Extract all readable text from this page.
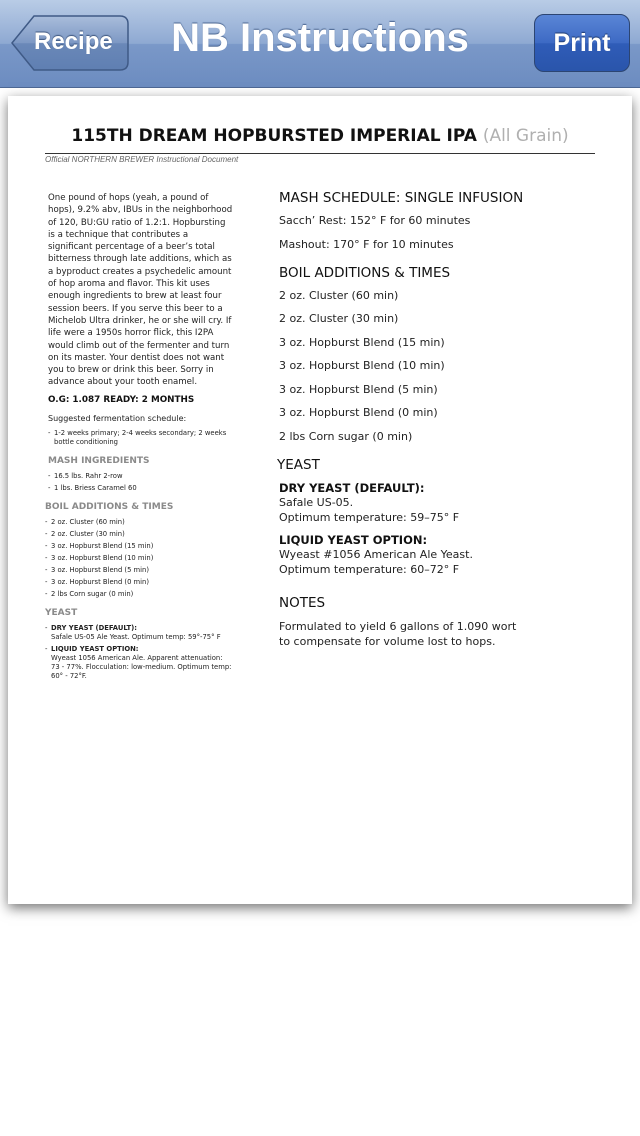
Recipe	NB Instructions	Print
115TH DREAM HOPBURSTED IMPERIAL IPA (All Grain)
Official NORTHERN BREWER Instructional Document

One pound of hops (yeah, a pound of hops), 9.2% abv, IBUs in the neighborhood of 120, BU:GU ratio of 1.2:1. Hopbursting is a technique that contributes a significant percentage of a beer’s total bitterness through late additions, which as a byproduct creates a psychedelic amount of hop aroma and flavor. This kit uses enough ingredients to brew at least four session beers. If you serve this beer to a Michelob Ultra drinker, he or she will cry. If life were a 1950s horror flick, this I2PA would climb out of the fermenter and turn on its master. Your dentist does not want you to brew or drink this beer. Sorry in advance about your tooth enamel.

O.G: 1.087 READY: 2 MONTHS
Suggested fermentation schedule:
- 1-2 weeks primary; 2-4 weeks secondary; 2 weeks bottle conditioning
MASH INGREDIENTS
- 16.5 lbs. Rahr 2-row
- 1 lbs. Briess Caramel 60
BOIL ADDITIONS & TIMES
- 2 oz. Cluster (60 min)
- 2 oz. Cluster (30 min)
- 3 oz. Hopburst Blend (15 min)
- 3 oz. Hopburst Blend (10 min)
- 3 oz. Hopburst Blend (5 min)
- 3 oz. Hopburst Blend (0 min)
- 2 lbs Corn sugar (0 min)
YEAST
- DRY YEAST (DEFAULT):
Safale US-05 Ale Yeast. Optimum temp: 59°-75° F
- LIQUID YEAST OPTION:
Wyeast 1056 American Ale. Apparent attenuation: 73 - 77%. Flocculation: low-medium. Optimum temp: 60° - 72°F.
MASH SCHEDULE: SINGLE INFUSION
Sacch’ Rest: 152° F for 60 minutes
Mashout: 170° F for 10 minutes
BOIL ADDITIONS & TIMES
2 oz. Cluster (60 min)
2 oz. Cluster (30 min)
3 oz. Hopburst Blend (15 min)
3 oz. Hopburst Blend (10 min)
3 oz. Hopburst Blend (5 min)
3 oz. Hopburst Blend (0 min)
2 lbs Corn sugar (0 min)
YEAST
DRY YEAST (DEFAULT):
Safale US-05.
Optimum temperature: 59–75° F
LIQUID YEAST OPTION:
Wyeast #1056 American Ale Yeast.
Optimum temperature: 60–72° F
NOTES
Formulated to yield 6 gallons of 1.090 wort
to compensate for volume lost to hops.
